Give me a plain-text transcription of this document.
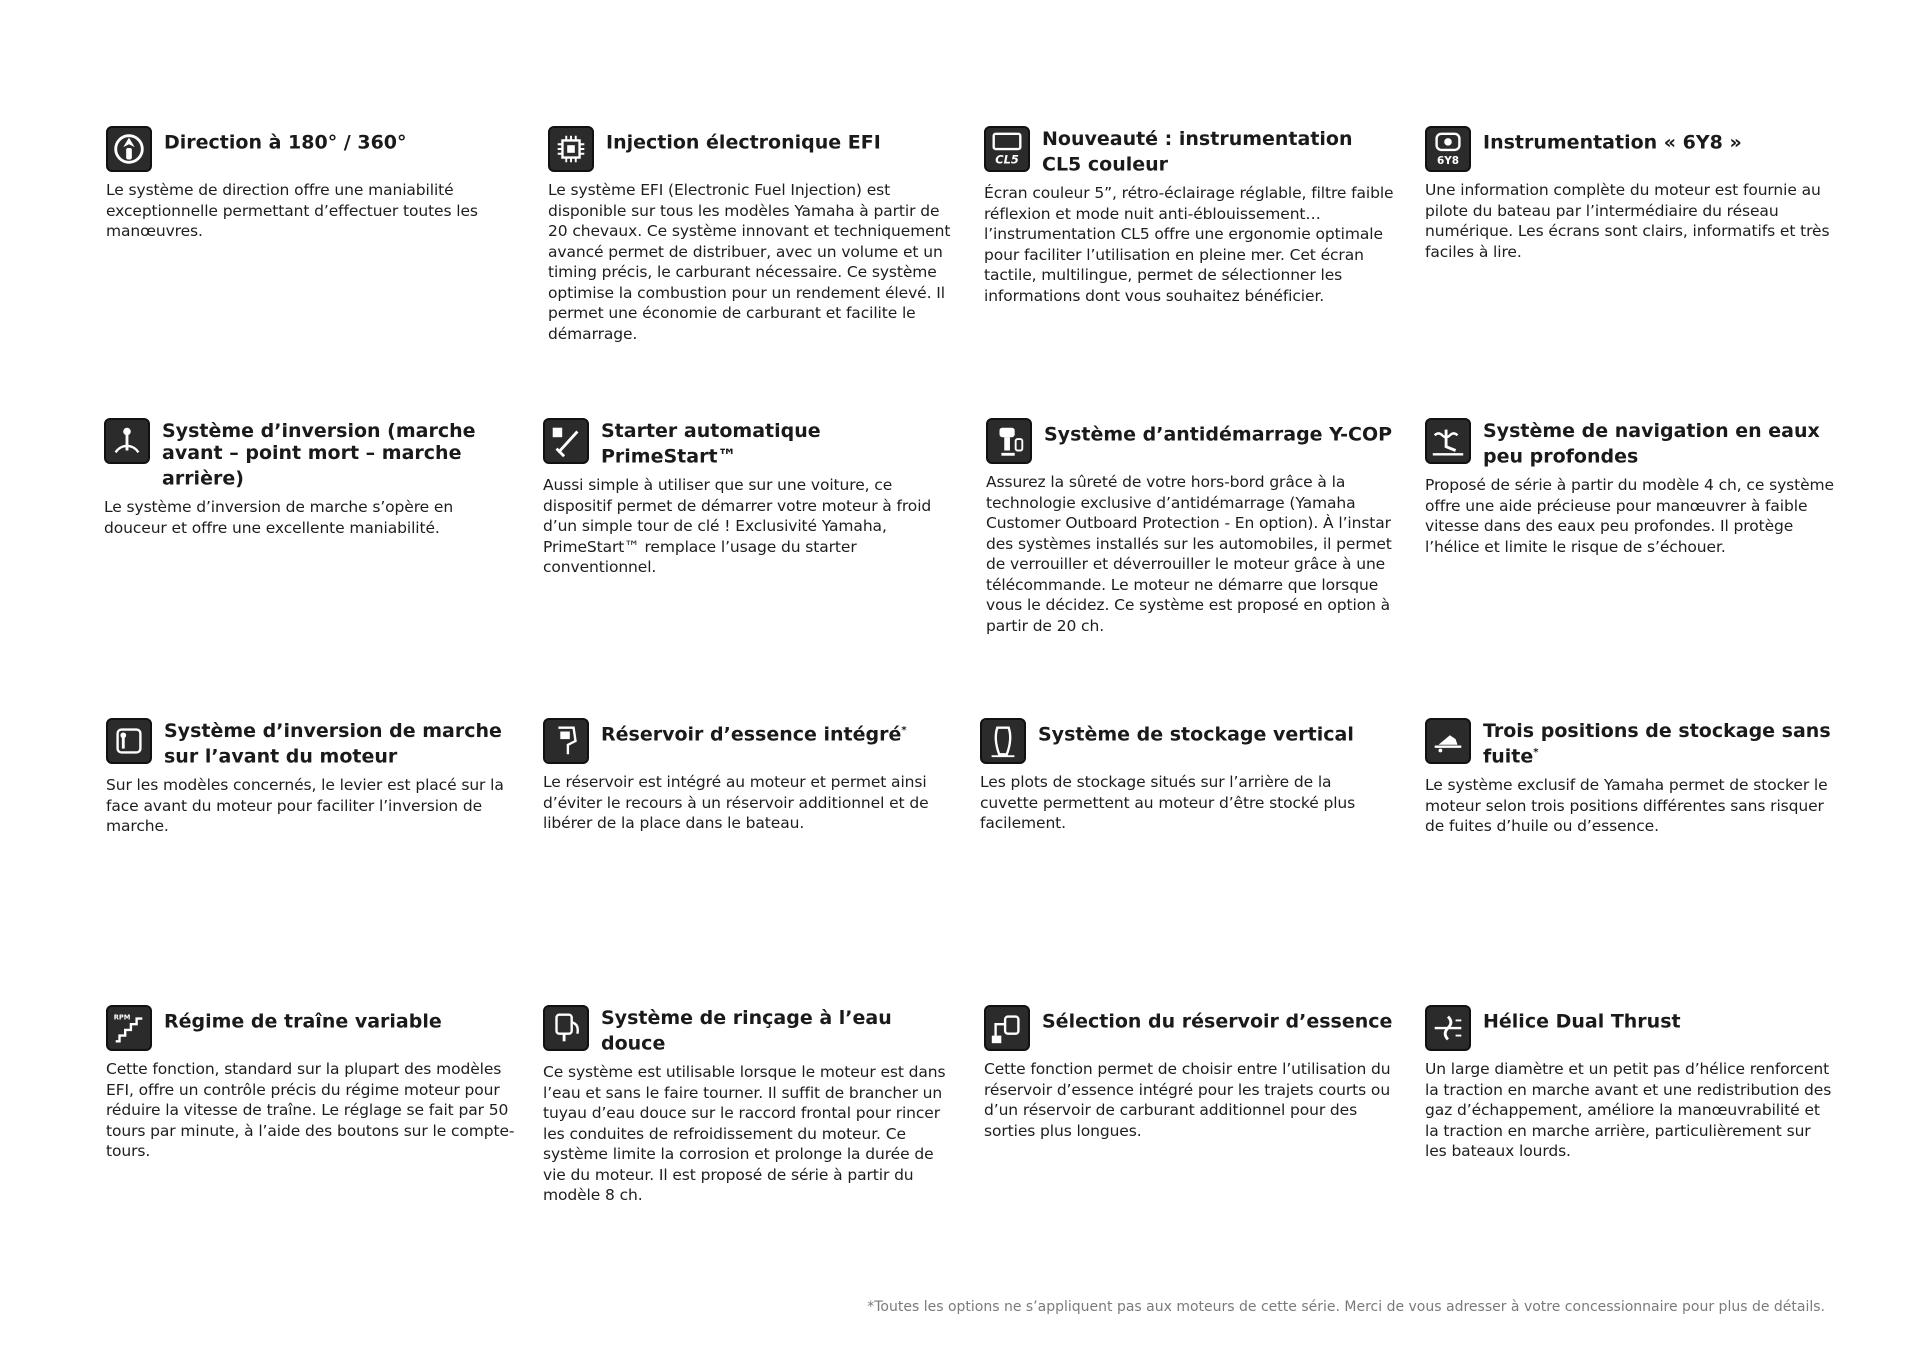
Direction à 180° / 360°
Le système de direction offre une maniabilité exceptionnelle permettant d’effectuer toutes les manœuvres.
Injection électronique EFI
Le système EFI (Electronic Fuel Injection) est disponible sur tous les modèles Yamaha à partir de 20 chevaux. Ce système innovant et techniquement avancé permet de distribuer, avec un volume et un timing précis, le carburant nécessaire. Ce système optimise la combustion pour un rendement élevé. Il permet une économie de carburant et facilite le démarrage.
CL5
Nouveauté : instrumentation CL5 couleur
Écran couleur 5”, rétro-éclairage réglable, filtre faible réflexion et mode nuit anti-éblouissement… l’instrumentation CL5 offre une ergonomie optimale pour faciliter l’utilisation en pleine mer. Cet écran tactile, multilingue, permet de sélectionner les informations dont vous souhaitez bénéficier.
6Y8
Instrumentation « 6Y8 »
Une information complète du moteur est fournie au pilote du bateau par l’intermédiaire du réseau numérique. Les écrans sont clairs, informatifs et très faciles à lire.
Système d’inversion (marche avant – point mort – marche arrière)
Le système d’inversion de marche s’opère en douceur et offre une excellente maniabilité.
Starter automatique PrimeStart™
Aussi simple à utiliser que sur une voiture, ce dispositif permet de démarrer votre moteur à froid d’un simple tour de clé ! Exclusivité Yamaha, PrimeStart™ remplace l’usage du starter conventionnel.
Système d’antidémarrage Y-COP
Assurez la sûreté de votre hors-bord grâce à la technologie exclusive d’antidémarrage (Yamaha Customer Outboard Protection - En option). À l’instar des systèmes installés sur les automobiles, il permet de verrouiller et déverrouiller le moteur grâce à une télécommande. Le moteur ne démarre que lorsque vous le décidez. Ce système est proposé en option à partir de 20 ch.
Système de navigation en eaux peu profondes
Proposé de série à partir du modèle 4 ch, ce système offre une aide précieuse pour manœuvrer à faible vitesse dans des eaux peu profondes. Il protège l’hélice et limite le risque de s’échouer.
Système d’inversion de marche sur l’avant du moteur
Sur les modèles concernés, le levier est placé sur la face avant du moteur pour faciliter l’inversion de marche.
Réservoir d’essence intégré*
Le réservoir est intégré au moteur et permet ainsi d’éviter le recours à un réservoir additionnel et de libérer de la place dans le bateau.
Système de stockage vertical
Les plots de stockage situés sur l’arrière de la cuvette permettent au moteur d’être stocké plus facilement.
Trois positions de stockage sans fuite*
Le système exclusif de Yamaha permet de stocker le moteur selon trois positions différentes sans risquer de fuites d’huile ou d’essence.
RPM Régime de traîne variable
Cette fonction, standard sur la plupart des modèles EFI, offre un contrôle précis du régime moteur pour réduire la vitesse de traîne. Le réglage se fait par 50 tours par minute, à l’aide des boutons sur le compte-tours.
Système de rinçage à l’eau douce
Ce système est utilisable lorsque le moteur est dans l’eau et sans le faire tourner. Il suffit de brancher un tuyau d’eau douce sur le raccord frontal pour rincer les conduites de refroidissement du moteur. Ce système limite la corrosion et prolonge la durée de vie du moteur. Il est proposé de série à partir du modèle 8 ch.
Sélection du réservoir d’essence
Cette fonction permet de choisir entre l’utilisation du réservoir d’essence intégré pour les trajets courts ou d’un réservoir de carburant additionnel pour des sorties plus longues.
Hélice Dual Thrust
Un large diamètre et un petit pas d’hélice renforcent la traction en marche avant et une redistribution des gaz d’échappement, améliore la manœuvrabilité et la traction en marche arrière, particulièrement sur les bateaux lourds.
*Toutes les options ne s’appliquent pas aux moteurs de cette série. Merci de vous adresser à votre concessionnaire pour plus de détails.
